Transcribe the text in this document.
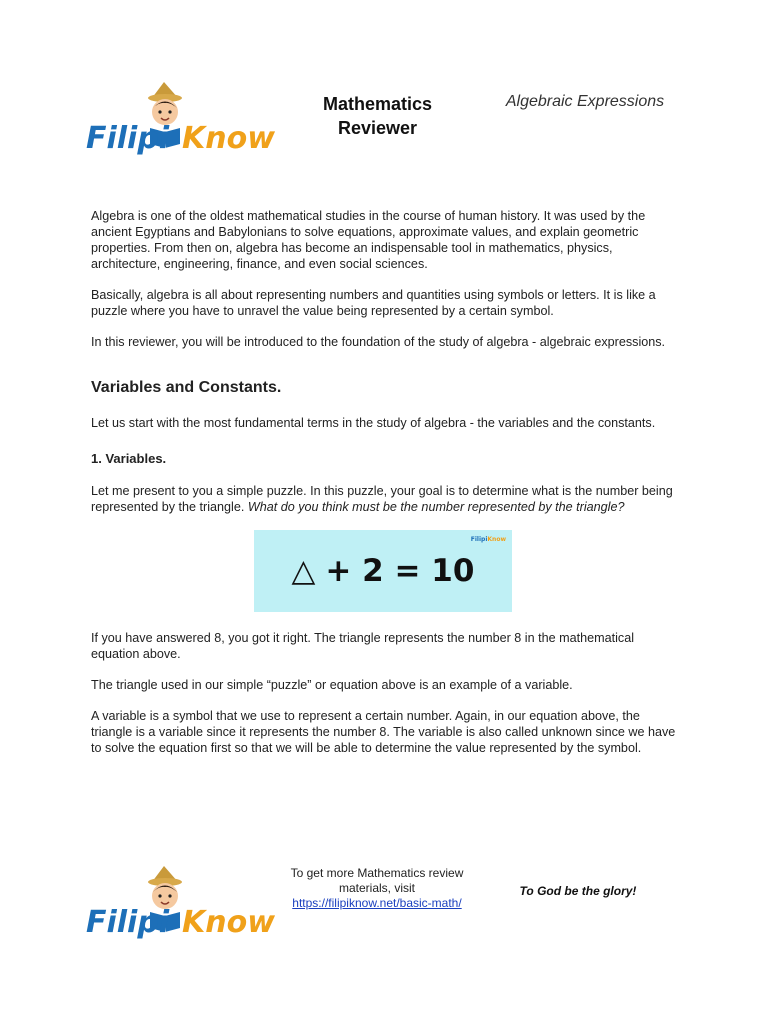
Filipi Know
Mathematics Reviewer
Algebraic Expressions

Algebra is one of the oldest mathematical studies in the course of human history. It was used by the ancient Egyptians and Babylonians to solve equations, approximate values, and explain geometric properties. From then on, algebra has become an indispensable tool in mathematics, physics, architecture, engineering, finance, and even social sciences.

Basically, algebra is all about representing numbers and quantities using symbols or letters. It is like a puzzle where you have to unravel the value being represented by a certain symbol.

In this reviewer, you will be introduced to the foundation of the study of algebra - algebraic expressions.

Variables and Constants.

Let us start with the most fundamental terms in the study of algebra - the variables and the constants.

1. Variables.

Let me present to you a simple puzzle. In this puzzle, your goal is to determine what is the number being represented by the triangle. What do you think must be the number represented by the triangle?

FilipiKnow
△ + 2 = 10

If you have answered 8, you got it right. The triangle represents the number 8 in the mathematical equation above.

The triangle used in our simple “puzzle” or equation above is an example of a variable.

A variable is a symbol that we use to represent a certain number. Again, in our equation above, the triangle is a variable since it represents the number 8. The variable is also called unknown since we have to solve the equation first so that we will be able to determine the value represented by the symbol.

Filipi Know
To get more Mathematics review materials, visit
https://filipiknow.net/basic-math/
To God be the glory!
